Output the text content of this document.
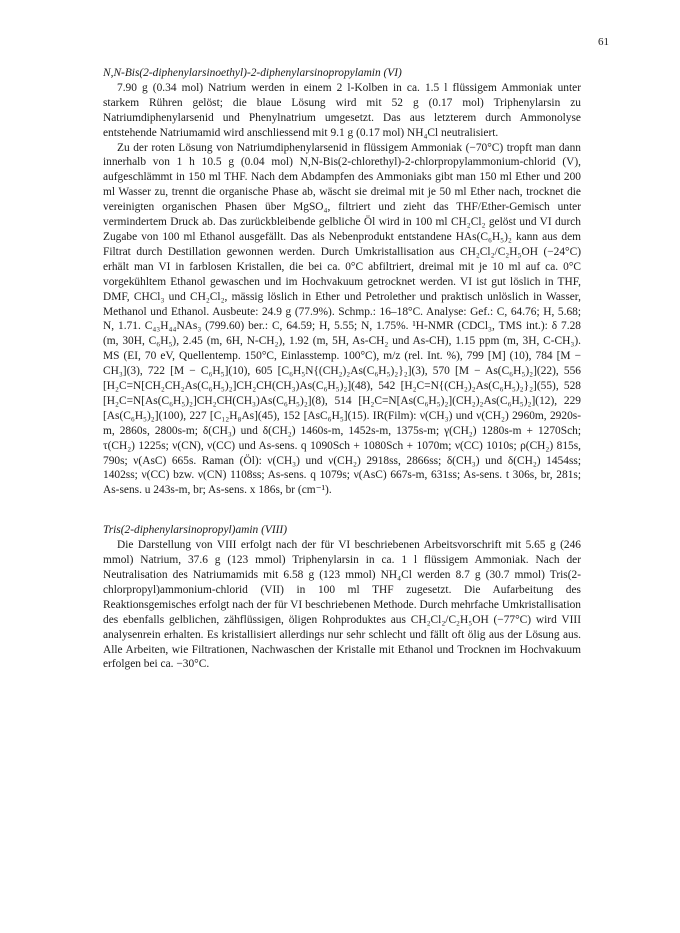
61

N,N-Bis(2-diphenylarsinoethyl)-2-diphenylarsinopropylamin (VI)

7.90 g (0.34 mol) Natrium werden in einem 2 l-Kolben in ca. 1.5 l flüssigem Ammoniak unter starkem Rühren gelöst; die blaue Lösung wird mit 52 g (0.17 mol) Triphenylarsin zu Natriumdiphenylarsenid und Phenylnatrium umgesetzt. Das aus letzterem durch Ammonolyse entstehende Natriumamid wird anschliessend mit 9.1 g (0.17 mol) NH₄Cl neutralisiert.

Zu der roten Lösung von Natriumdiphenylarsenid in flüssigem Ammoniak (−70°C) tropft man dann innerhalb von 1 h 10.5 g (0.04 mol) N,N-Bis(2-chlorethyl)-2-chlorpropylammonium-chlorid (V), aufgeschlämmt in 150 ml THF. Nach dem Abdampfen des Ammoniaks gibt man 150 ml Ether und 200 ml Wasser zu, trennt die organische Phase ab, wäscht sie dreimal mit je 50 ml Ether nach, trocknet die vereinigten organischen Phasen über MgSO₄, filtriert und zieht das THF/Ether-Gemisch unter vermindertem Druck ab. Das zurückbleibende gelbliche Öl wird in 100 ml CH₂Cl₂ gelöst und VI durch Zugabe von 100 ml Ethanol ausgefällt. Das als Nebenprodukt entstandene HAs(C₆H₅)₂ kann aus dem Filtrat durch Destillation gewonnen werden. Durch Umkristallisation aus CH₂Cl₂/C₂H₅OH (−24°C) erhält man VI in farblosen Kristallen, die bei ca. 0°C abfiltriert, dreimal mit je 10 ml auf ca. 0°C vorgekühltem Ethanol gewaschen und im Hochvakuum getrocknet werden. VI ist gut löslich in THF, DMF, CHCl₃ und CH₂Cl₂, mässig löslich in Ether und Petrolether und praktisch unlöslich in Wasser, Methanol und Ethanol. Ausbeute: 24.9 g (77.9%). Schmp.: 16–18°C. Analyse: Gef.: C, 64.76; H, 5.68; N, 1.71. C₄₃H₄₄NAs₃ (799.60) ber.: C, 64.59; H, 5.55; N, 1.75%. ¹H-NMR (CDCl₃, TMS int.): δ 7.28 (m, 30H, C₆H₅), 2.45 (m, 6H, N-CH₂), 1.92 (m, 5H, As-CH₂ und As-CH), 1.15 ppm (m, 3H, C-CH₃). MS (EI, 70 eV, Quellentemp. 150°C, Einlasstemp. 100°C), m/z (rel. Int. %), 799 [M] (10), 784 [M − CH₃](3), 722 [M − C₆H₅](10), 605 [C₆H₅N{(CH₂)₂As(C₆H₅)₂}₂](3), 570 [M − As(C₆H₅)₂](22), 556 [H₂C=N[CH₂CH₂As(C₆H₅)₂]CH₂CH(CH₃)As(C₆H₅)₂](48), 542 [H₂C=N{(CH₂)₂As(C₆H₅)₂}₂](55), 528 [H₂C=N[As(C₆H₅)₂]CH₂CH(CH₃)As(C₆H₅)₂](8), 514 [H₂C=N[As(C₆H₅)₂](CH₂)₂As(C₆H₅)₂](12), 229 [As(C₆H₅)₂](100), 227 [C₁₂H₈As](45), 152 [AsC₆H₅](15). IR(Film): ν(CH₃) und ν(CH₂) 2960m, 2920s-m, 2860s, 2800s-m; δ(CH₃) und δ(CH₂) 1460s-m, 1452s-m, 1375s-m; γ(CH₂) 1280s-m + 1270Sch; τ(CH₂) 1225s; ν(CN), ν(CC) und As-sens. q 1090Sch + 1080Sch + 1070m; ν(CC) 1010s; ρ(CH₂) 815s, 790s; ν(AsC) 665s. Raman (Öl): ν(CH₃) und ν(CH₂) 2918ss, 2866ss; δ(CH₃) und δ(CH₂) 1454ss; 1402ss; ν(CC) bzw. ν(CN) 1108ss; As-sens. q 1079s; ν(AsC) 667s-m, 631ss; As-sens. t 306s, br, 281s; As-sens. u 243s-m, br; As-sens. x 186s, br (cm⁻¹).

Tris(2-diphenylarsinopropyl)amin (VIII)

Die Darstellung von VIII erfolgt nach der für VI beschriebenen Arbeitsvorschrift mit 5.65 g (246 mmol) Natrium, 37.6 g (123 mmol) Triphenylarsin in ca. 1 l flüssigem Ammoniak. Nach der Neutralisation des Natriumamids mit 6.58 g (123 mmol) NH₄Cl werden 8.7 g (30.7 mmol) Tris(2-chlorpropyl)ammonium-chlorid (VII) in 100 ml THF zugesetzt. Die Aufarbeitung des Reaktionsgemisches erfolgt nach der für VI beschriebenen Methode. Durch mehrfache Umkristallisation des ebenfalls gelblichen, zähflüssigen, öligen Rohproduktes aus CH₂Cl₂/C₂H₅OH (−77°C) wird VIII analysenrein erhalten. Es kristallisiert allerdings nur sehr schlecht und fällt oft ölig aus der Lösung aus. Alle Arbeiten, wie Filtrationen, Nachwaschen der Kristalle mit Ethanol und Trocknen im Hochvakuum erfolgen bei ca. −30°C.
